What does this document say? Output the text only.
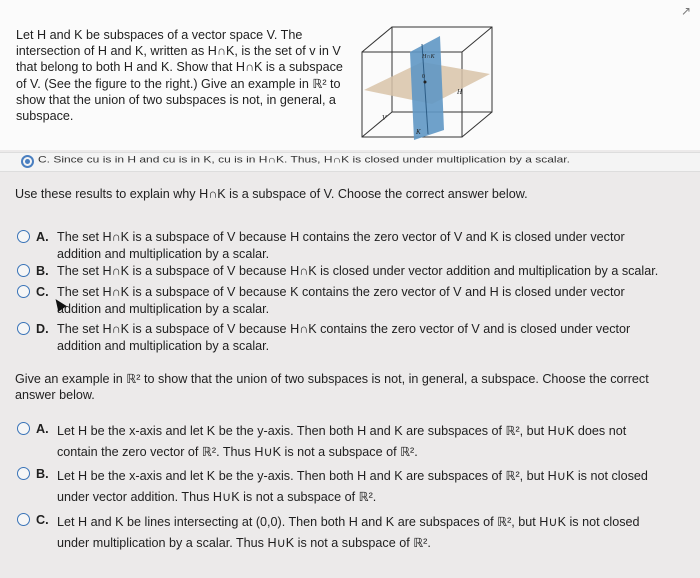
↗

Let H and K be subspaces of a vector space V. The
intersection of H and K, written as H∩K, is the set of v in V
that belong to both H and K. Show that H∩K is a subspace
of V. (See the figure to the right.) Give an example in ℝ² to
show that the union of two subspaces is not, in general, a
subspace.

H∩K
0
H
V
K
C. Since cu is in H and cu is in K, cu is in H∩K. Thus, H∩K is closed under multiplication by a scalar.

Use these results to explain why H∩K is a subspace of V. Choose the correct answer below.

A. The set H∩K is a subspace of V because H contains the zero vector of V and K is closed under vector
addition and multiplication by a scalar.
B. The set H∩K is a subspace of V because H∩K is closed under vector addition and multiplication by a scalar.
C. The set H∩K is a subspace of V because K contains the zero vector of V and H is closed under vector
addition and multiplication by a scalar.
D. The set H∩K is a subspace of V because H∩K contains the zero vector of V and is closed under vector
addition and multiplication by a scalar.

Give an example in ℝ² to show that the union of two subspaces is not, in general, a subspace. Choose the correct
answer below.

A. Let H be the x-axis and let K be the y-axis. Then both H and K are subspaces of ℝ², but H∪K does not
contain the zero vector of ℝ². Thus H∪K is not a subspace of ℝ².
B. Let H be the x-axis and let K be the y-axis. Then both H and K are subspaces of ℝ², but H∪K is not closed
under vector addition. Thus H∪K is not a subspace of ℝ².
C. Let H and K be lines intersecting at (0,0). Then both H and K are subspaces of ℝ², but H∪K is not closed
under multiplication by a scalar. Thus H∪K is not a subspace of ℝ².
